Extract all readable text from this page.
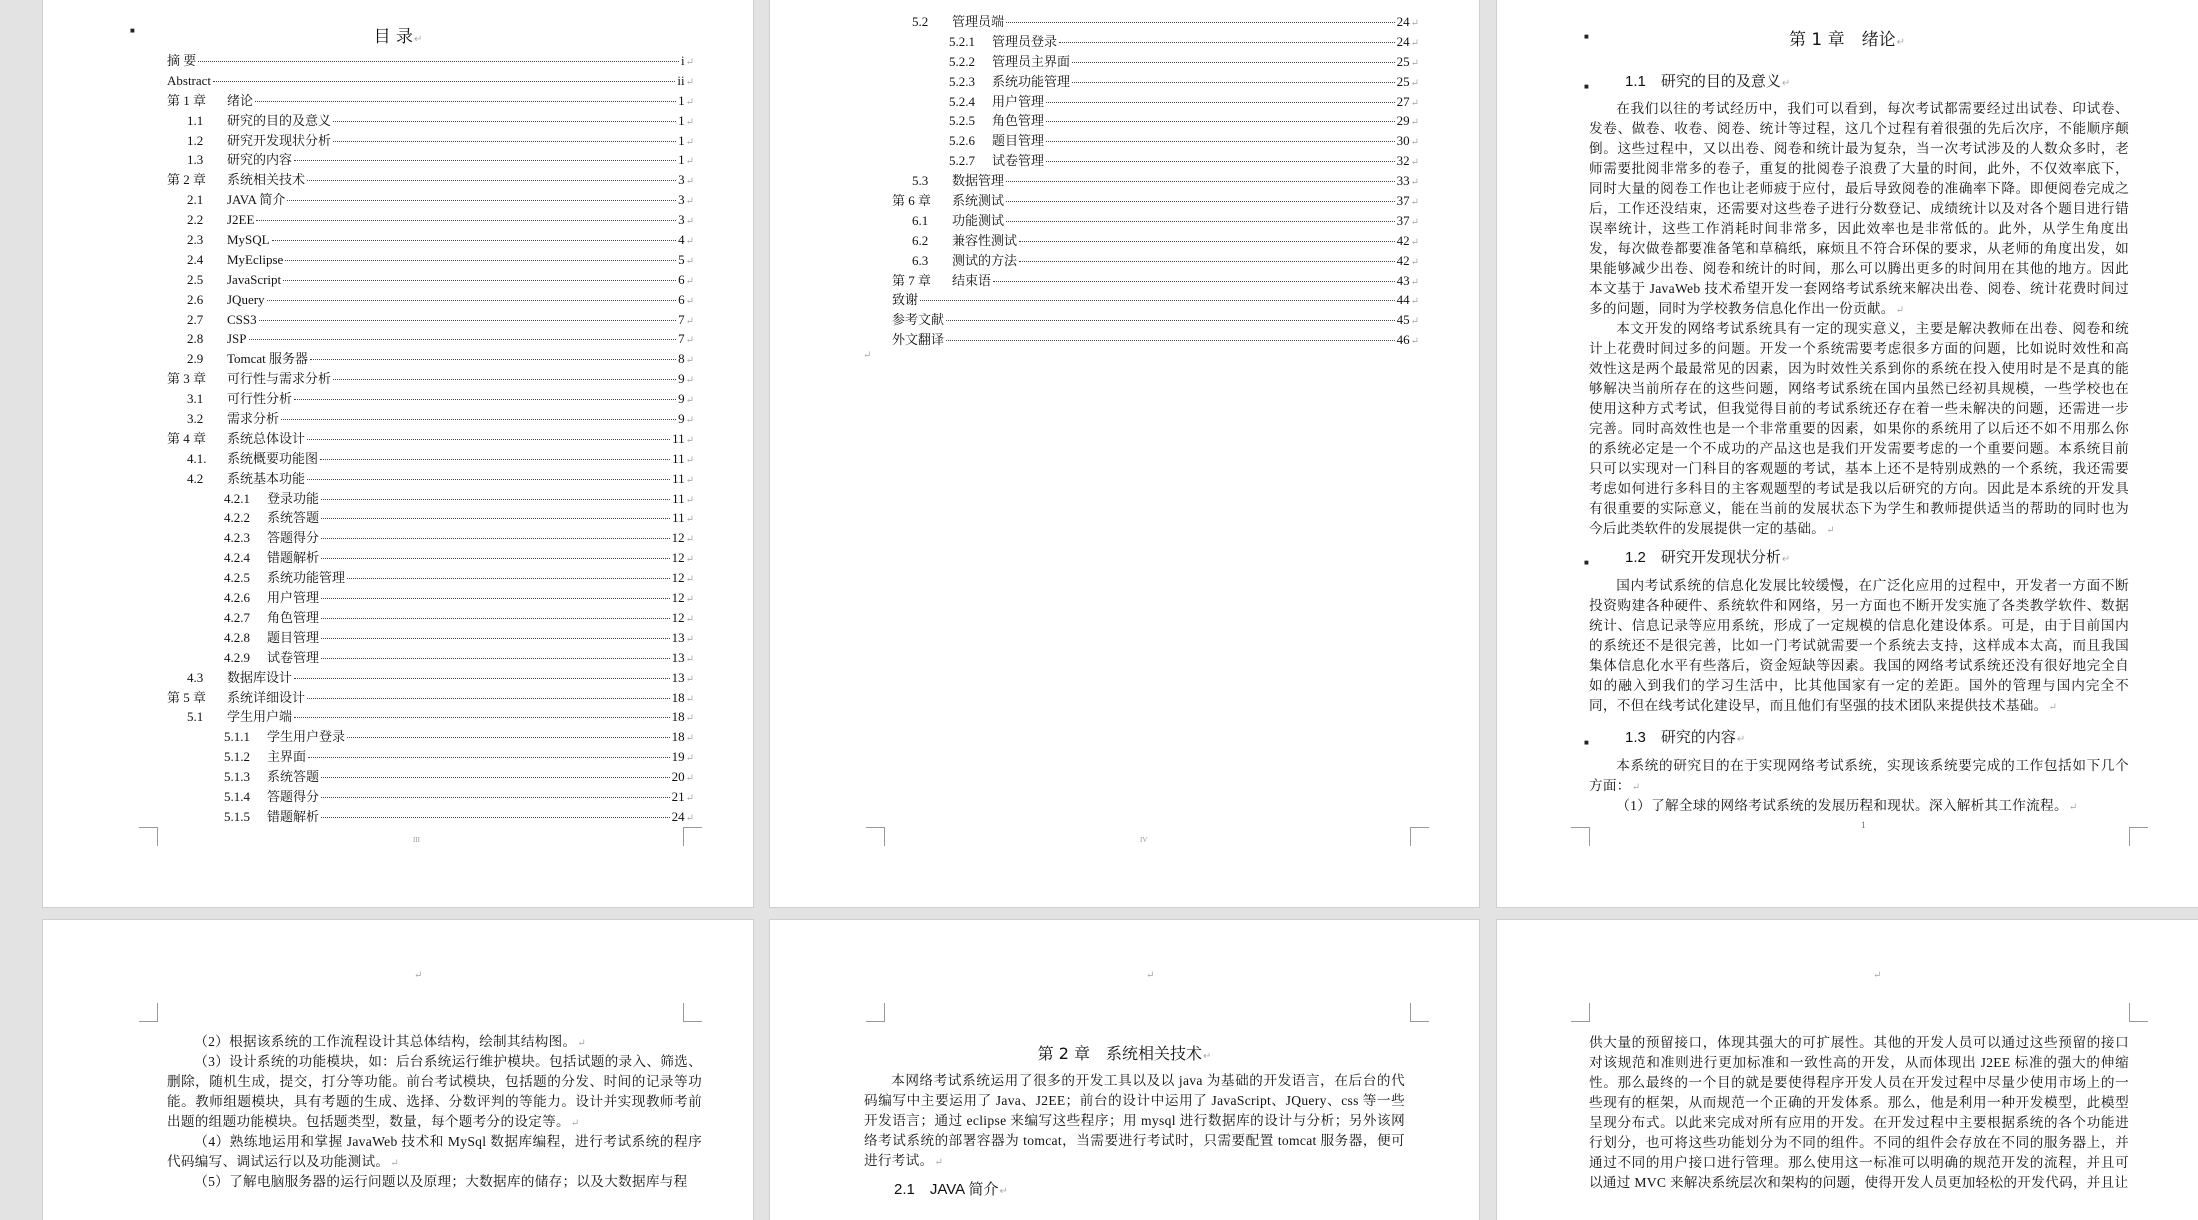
■	目 录 ↵
摘 要	i ↵
Abstract	ii ↵
第 1 章	绪论	1 ↵
1.1	研究的目的及意义	1 ↵
1.2	研究开发现状分析	1 ↵
1.3	研究的内容	1 ↵
第 2 章	系统相关技术	3 ↵
2.1	JAVA 简介	3 ↵
2.2	J2EE	3 ↵
2.3	MySQL	4 ↵
2.4	MyEclipse	5 ↵
2.5	JavaScript	6 ↵
2.6	JQuery	6 ↵
2.7	CSS3	7 ↵
2.8	JSP	7 ↵
2.9	Tomcat 服务器	8 ↵
第 3 章	可行性与需求分析	9 ↵
3.1	可行性分析	9 ↵
3.2	需求分析	9 ↵
第 4 章	系统总体设计	11 ↵
4.1.	系统概要功能图	11 ↵
4.2	系统基本功能	11 ↵
4.2.1	登录功能	11 ↵
4.2.2	系统答题	11 ↵
4.2.3	答题得分	12 ↵
4.2.4	错题解析	12 ↵
4.2.5	系统功能管理	12 ↵
4.2.6	用户管理	12 ↵
4.2.7	角色管理	12 ↵
4.2.8	题目管理	13 ↵
4.2.9	试卷管理	13 ↵
4.3	数据库设计	13 ↵
第 5 章	系统详细设计	18 ↵
5.1	学生用户端	18 ↵
5.1.1	学生用户登录	18 ↵
5.1.2	主界面	19 ↵
5.1.3	系统答题	20 ↵
5.1.4	答题得分	21 ↵
5.1.5	错题解析	24 ↵
III
5.2	管理员端	24 ↵
5.2.1	管理员登录	24 ↵
5.2.2	管理员主界面	25 ↵
5.2.3	系统功能管理	25 ↵
5.2.4	用户管理	27 ↵
5.2.5	角色管理	29 ↵
5.2.6	题目管理	30 ↵
5.2.7	试卷管理	32 ↵
5.3	数据管理	33 ↵
第 6 章	系统测试	37 ↵
6.1	功能测试	37 ↵
6.2	兼容性测试	42 ↵
6.3	测试的方法	42 ↵
第 7 章	结束语	43 ↵
致谢	44 ↵
参考文献	45 ↵
外文翻译	46 ↵
↵
IV
■	第 1 章　绪论 ↵
■ 1.1　研究的目的及意义 ↵
在我们以往的考试经历中，我们可以看到，每次考试都需要经过出试卷、印试卷、发卷、做卷、收卷、阅卷、统计等过程，这几个过程有着很强的先后次序，不能顺序颠倒。这些过程中，又以出卷、阅卷和统计最为复杂，当一次考试涉及的人数众多时，老师需要批阅非常多的卷子，重复的批阅卷子浪费了大量的时间，此外，不仅效率底下，同时大量的阅卷工作也让老师疲于应付，最后导致阅卷的准确率下降。即便阅卷完成之后，工作还没结束，还需要对这些卷子进行分数登记、成绩统计以及对各个题目进行错误率统计，这些工作消耗时间非常多，因此效率也是非常低的。此外，从学生角度出发，每次做卷都要准备笔和草稿纸，麻烦且不符合环保的要求，从老师的角度出发，如果能够减少出卷、阅卷和统计的时间，那么可以腾出更多的时间用在其他的地方。因此本文基于 JavaWeb 技术希望开发一套网络考试系统来解决出卷、阅卷、统计花费时间过多的问题，同时为学校教务信息化作出一份贡献。 ↵
本文开发的网络考试系统具有一定的现实意义，主要是解决教师在出卷、阅卷和统计上花费时间过多的问题。开发一个系统需要考虑很多方面的问题，比如说时效性和高效性这是两个最最常见的因素，因为时效性关系到你的系统在投入使用时是不是真的能够解决当前所存在的这些问题，网络考试系统在国内虽然已经初具规模，一些学校也在使用这种方式考试，但我觉得目前的考试系统还存在着一些未解决的问题，还需进一步完善。同时高效性也是一个非常重要的因素，如果你的系统用了以后还不如不用那么你的系统必定是一个不成功的产品这也是我们开发需要考虑的一个重要问题。本系统目前只可以实现对一门科目的客观题的考试，基本上还不是特别成熟的一个系统，我还需要考虑如何进行多科目的主客观题型的考试是我以后研究的方向。因此是本系统的开发具有很重要的实际意义，能在当前的发展状态下为学生和教师提供适当的帮助的同时也为今后此类软件的发展提供一定的基础。 ↵
■ 1.2　研究开发现状分析 ↵
国内考试系统的信息化发展比较缓慢，在广泛化应用的过程中，开发者一方面不断投资购建各种硬件、系统软件和网络，另一方面也不断开发实施了各类教学软件、数据统计、信息记录等应用系统，形成了一定规模的信息化建设体系。可是，由于目前国内的系统还不是很完善，比如一门考试就需要一个系统去支持，这样成本太高，而且我国集体信息化水平有些落后，资金短缺等因素。我国的网络考试系统还没有很好地完全自如的融入到我们的学习生活中，比其他国家有一定的差距。国外的管理与国内完全不同，不但在线考试化建设早，而且他们有坚强的技术团队来提供技术基础。 ↵
■ 1.3　研究的内容 ↵
本系统的研究目的在于实现网络考试系统，实现该系统要完成的工作包括如下几个方面： ↵
（1）了解全球的网络考试系统的发展历程和现状。深入解析其工作流程。 ↵
1
↵
（2）根据该系统的工作流程设计其总体结构，绘制其结构图。 ↵
（3）设计系统的功能模块，如：后台系统运行维护模块。包括试题的录入、筛选、删除，随机生成，提交，打分等功能。前台考试模块，包括题的分发、时间的记录等功能。教师组题模块，具有考题的生成、选择、分数评判的等能力。设计并实现教师考前出题的组题功能模块。包括题类型，数量，每个题考分的设定等。 ↵
（4）熟练地运用和掌握 JavaWeb 技术和 MySql 数据库编程，进行考试系统的程序代码编写、调试运行以及功能测试。 ↵
（5）了解电脑服务器的运行问题以及原理；大数据库的储存；以及大数据库与程
↵
第 2 章　系统相关技术 ↵
本网络考试系统运用了很多的开发工具以及以 java 为基础的开发语言，在后台的代码编写中主要运用了 Java、J2EE；前台的设计中运用了 JavaScript、JQuery、css 等一些开发语言；通过 eclipse 来编写这些程序；用 mysql 进行数据库的设计与分析；另外该网络考试系统的部署容器为 tomcat，当需要进行考试时，只需要配置 tomcat 服务器，便可进行考试。 ↵
2.1　JAVA 简介 ↵
↵
供大量的预留接口，体现其强大的可扩展性。其他的开发人员可以通过这些预留的接口对该规范和准则进行更加标准和一致性高的开发，从而体现出 J2EE 标准的强大的伸缩性。那么最终的一个目的就是要使得程序开发人员在开发过程中尽量少使用市场上的一些现有的框架，从而规范一个正确的开发体系。那么，他是利用一种开发模型，此模型呈现分布式。以此来完成对所有应用的开发。在开发过程中主要根据系统的各个功能进行划分，也可将这些功能划分为不同的组件。不同的组件会存放在不同的服务器上，并通过不同的用户接口进行管理。那么使用这一标准可以明确的规范开发的流程，并且可以通过 MVC 来解决系统层次和架构的问题，使得开发人员更加轻松的开发代码，并且让
